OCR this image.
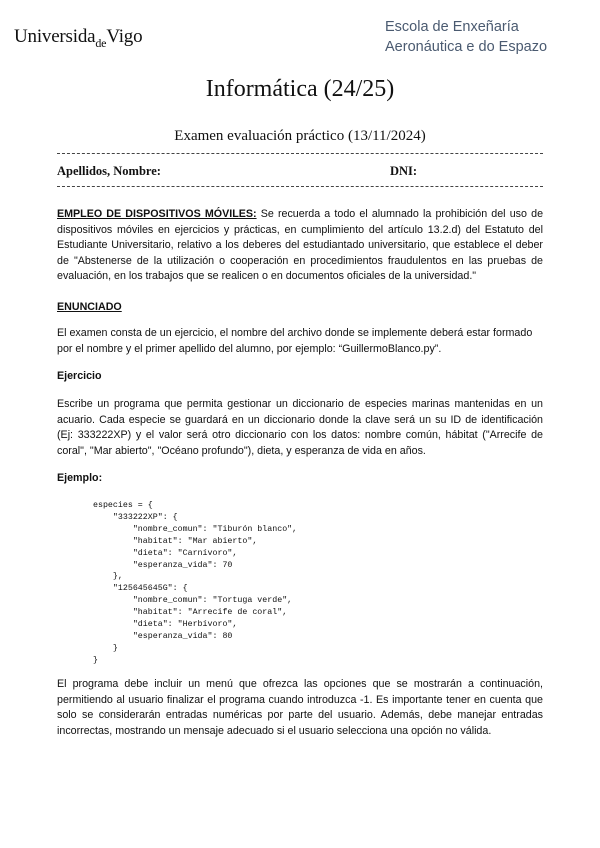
Universida$_{de}$Vigo	Escola de Enxeñaría
Aeronáutica e do Espazo
Informática (24/25)
Examen evaluación práctico (13/11/2024)
Apellidos, Nombre:	DNI:
EMPLEO DE DISPOSITIVOS MÓVILES: Se recuerda a todo el alumnado la prohibición del uso de dispositivos móviles en ejercicios y prácticas, en cumplimiento del artículo 13.2.d) del Estatuto del Estudiante Universitario, relativo a los deberes del estudiantado universitario, que establece el deber de "Abstenerse de la utilización o cooperación en procedimientos fraudulentos en las pruebas de evaluación, en los trabajos que se realicen o en documentos oficiales de la universidad."
ENUNCIADO
El examen consta de un ejercicio, el nombre del archivo donde se implemente deberá estar formado por el nombre y el primer apellido del alumno, por ejemplo: “GuillermoBlanco.py”.
Ejercicio
Escribe un programa que permita gestionar un diccionario de especies marinas mantenidas en un acuario. Cada especie se guardará en un diccionario donde la clave será un su ID de identificación (Ej: 333222XP) y el valor será otro diccionario con los datos: nombre común, hábitat ("Arrecife de coral", "Mar abierto", "Océano profundo"), dieta, y esperanza de vida en años.
Ejemplo:
especies = {
"333222XP": {
"nombre_comun": "Tiburón blanco",
"habitat": "Mar abierto",
"dieta": "Carnívoro",
"esperanza_vida": 70
},
"125645645G": {
"nombre_comun": "Tortuga verde",
"habitat": "Arrecife de coral",
"dieta": "Herbívoro",
"esperanza_vida": 80
}
}
El programa debe incluir un menú que ofrezca las opciones que se mostrarán a continuación, permitiendo al usuario finalizar el programa cuando introduzca -1. Es importante tener en cuenta que solo se considerarán entradas numéricas por parte del usuario. Además, debe manejar entradas incorrectas, mostrando un mensaje adecuado si el usuario selecciona una opción no válida.
